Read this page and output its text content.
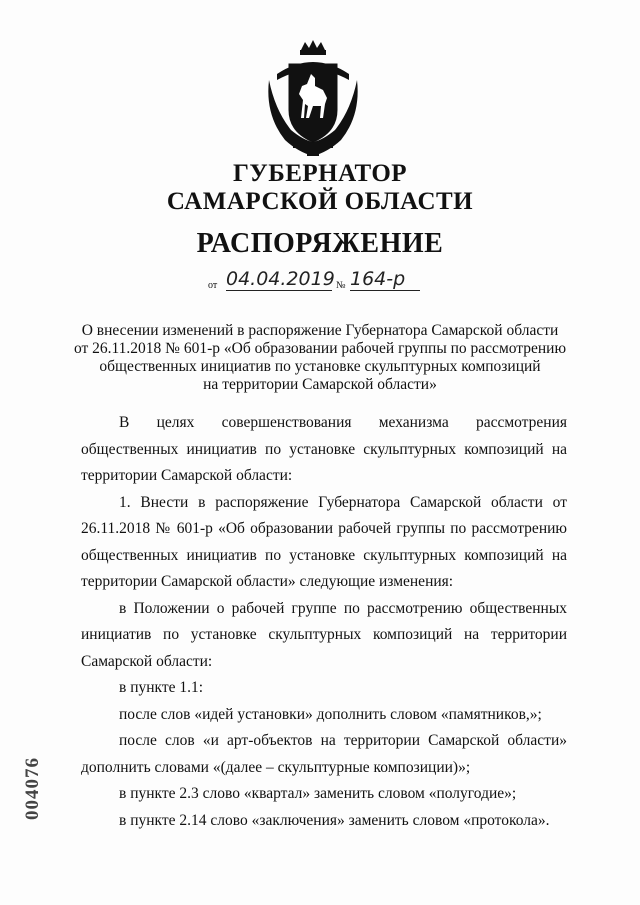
ГУБЕРНАТОР
САМАРСКОЙ ОБЛАСТИ
РАСПОРЯЖЕНИЕ
от 04.04.2019 № 164-р
О внесении изменений в распоряжение Губернатора Самарской области
от 26.11.2018 № 601-р «Об образовании рабочей группы по рассмотрению
общественных инициатив по установке скульптурных композиций
на территории Самарской области»

В целях совершенствования механизма рассмотрения общественных инициатив по установке скульптурных композиций на территории Самарской области:

1. Внести в распоряжение Губернатора Самарской области от 26.11.2018 № 601-р «Об образовании рабочей группы по рассмотрению общественных инициатив по установке скульптурных композиций на территории Самарской области» следующие изменения:

в Положении о рабочей группе по рассмотрению общественных инициатив по установке скульптурных композиций на территории Самарской области:

в пункте 1.1:

после слов «идей установки» дополнить словом «памятников,»;

после слов «и арт-объектов на территории Самарской области» дополнить словами «(далее – скульптурные композиции)»;

в пункте 2.3 слово «квартал» заменить словом «полугодие»;

в пункте 2.14 слово «заключения» заменить словом «протокола».

004076
